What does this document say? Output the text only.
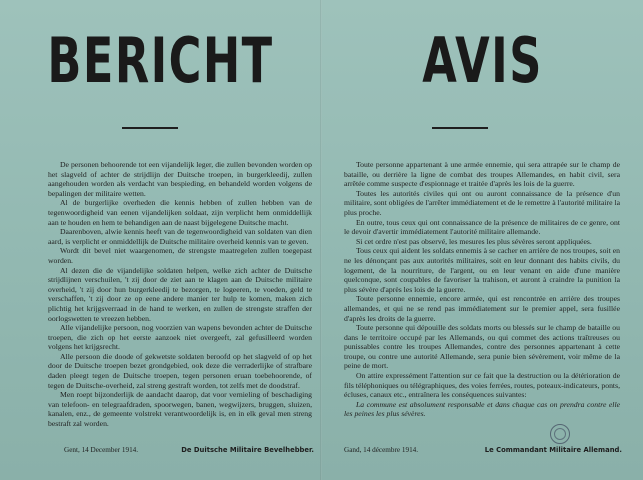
BERICHT

De personen behoorende tot een vijandelijk leger, die zullen bevonden worden op het slagveld of achter de strijdlijn der Duitsche troepen, in burgerkleedij, zullen aangehouden worden als verdacht van bespieding, en behandeld worden volgens de bepalingen der militaire wetten.

Al de burgerlijke overheden die kennis hebben of zullen hebben van de tegenwoordigheid van eenen vijandelijken soldaat, zijn verplicht hem onmiddellijk aan te houden en hem te behandigen aan de naast bijgelegene Duitsche macht.

Daarenboven, alwie kennis heeft van de tegenwoordigheid van soldaten van dien aard, is verplicht er onmiddellijk de Duitsche militaire overheid kennis van te geven.

Wordt dit bevel niet waargenomen, de strengste maatregelen zullen toegepast worden.

Al dezen die de vijandelijke soldaten helpen, welke zich achter de Duitsche strijdlijnen verschuilen, 't zij door de ziet aan te klagen aan de Duitsche militaire overheid, 't zij door hun burgerkleedij te bezorgen, te logeeren, te voeden, geld te verschaffen, 't zij door ze op eene andere manier ter hulp te komen, maken zich plichtig het krijgsverraad in de hand te werken, en zullen de strengste straffen der oorlogswetten te vreezen hebben.

Alle vijandelijke persoon, nog voorzien van wapens bevonden achter de Duitsche troepen, die zich op het eerste aanzoek niet overgeeft, zal gefusilleerd worden volgens het krijgsrecht.

Alle persoon die doode of gekwetste soldaten beroofd op het slagveld of op het door de Duitsche troepen bezet grondgebied, ook deze die verraderlijke of strafbare daden pleegt tegen de Duitsche troepen, tegen personen eruan toebehoorende, of tegen de Duitsche-overheid, zal streng gestraft worden, tot zelfs met de doodstraf.

Men roept bijzonderlijk de aandacht daarop, dat voor vernieling of beschadiging van telefoon- en telegraafdraden, spoorwegen, banen, wegwijzers, bruggen, sluizen, kanalen, enz., de gemeente volstrekt verantwoordelijk is, en in elk geval men streng bestraft zal worden.

Gent, 14 December 1914.	De Duitsche Militaire Bevelhebber.
AVIS

Toute personne appartenant à une armée ennemie, qui sera attrapée sur le champ de bataille, ou derrière la ligne de combat des troupes Allemandes, en habit civil, sera arrêtée comme suspecte d'espionnage et traitée d'après les lois de la guerre.

Toutes les autorités civiles qui ont ou auront connaissance de la présence d'un militaire, sont obligées de l'arrêter immédiatement et de le remettre à l'autorité militaire la plus proche.

En outre, tous ceux qui ont connaissance de la présence de militaires de ce genre, ont le devoir d'avertir immédiatement l'autorité militaire allemande.

Si cet ordre n'est pas observé, les mesures les plus sévères seront appliquées.

Tous ceux qui aident les soldats ennemis à se cacher en arrière de nos troupes, soit en ne les dénonçant pas aux autorités militaires, soit en leur donnant des habits civils, du logement, de la nourriture, de l'argent, ou en leur venant en aide d'une manière quelconque, sont coupables de favoriser la trahison, et auront à craindre la punition la plus sévère d'après les lois de la guerre.

Toute personne ennemie, encore armée, qui est rencontrée en arrière des troupes allemandes, et qui ne se rend pas immédiatement sur le premier appel, sera fusillée d'après les droits de la guerre.

Toute personne qui dépouille des soldats morts ou blessés sur le champ de bataille ou dans le territoire occupé par les Allemands, ou qui commet des actions traîtreuses ou punissables contre les troupes Allemandes, contre des personnes appartenant à cette troupe, ou contre une autorité Allemande, sera punie bien sévèrement, voir même de la peine de mort.

On attire expressément l'attention sur ce fait que la destruction ou la détérioration de fils téléphoniques ou télégraphiques, des voies ferrées, routes, poteaux-indicateurs, ponts, écluses, canaux etc., entraînera les conséquences suivantes:

La commune est absolument responsable et dans chaque cas on prendra contre elle les peines les plus sévères.

Gand, 14 décembre 1914.	Le Commandant Militaire Allemand.
